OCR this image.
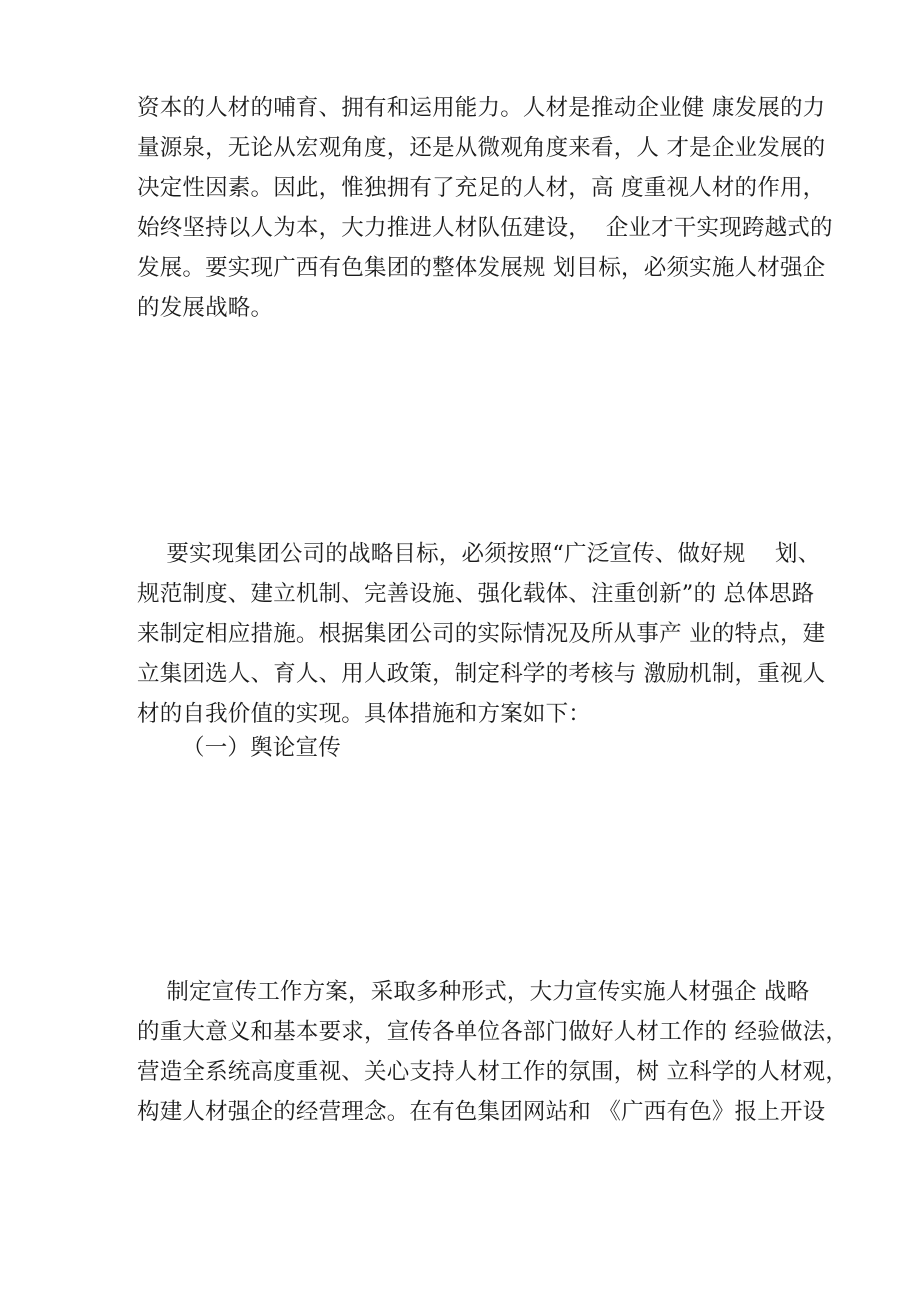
资本的人材的哺育、拥有和运用能力。人材是推动企业健 康发展的力
量源泉，无论从宏观角度，还是从微观角度来看，人 才是企业发展的
决定性因素。因此，惟独拥有了充足的人材，高 度重视人材的作用，
始终坚持以人为本，大力推进人材队伍建设，  企业才干实现跨越式的
发展。要实现广西有色集团的整体发展规 划目标，必须实施人材强企
的发展战略。
要实现集团公司的战略目标，必须按照“广泛宣传、做好规    划、
规范制度、建立机制、完善设施、强化载体、注重创新”的 总体思路
来制定相应措施。根据集团公司的实际情况及所从事产 业的特点，建
立集团选人、育人、用人政策，制定科学的考核与 激励机制，重视人
材的自我价值的实现。具体措施和方案如下：
（一）舆论宣传
制定宣传工作方案，采取多种形式，大力宣传实施人材强企 战略
的重大意义和基本要求，宣传各单位各部门做好人材工作的 经验做法，
营造全系统高度重视、关心支持人材工作的氛围，树 立科学的人材观，
构建人材强企的经营理念。在有色集团网站和 《广西有色》报上开设
